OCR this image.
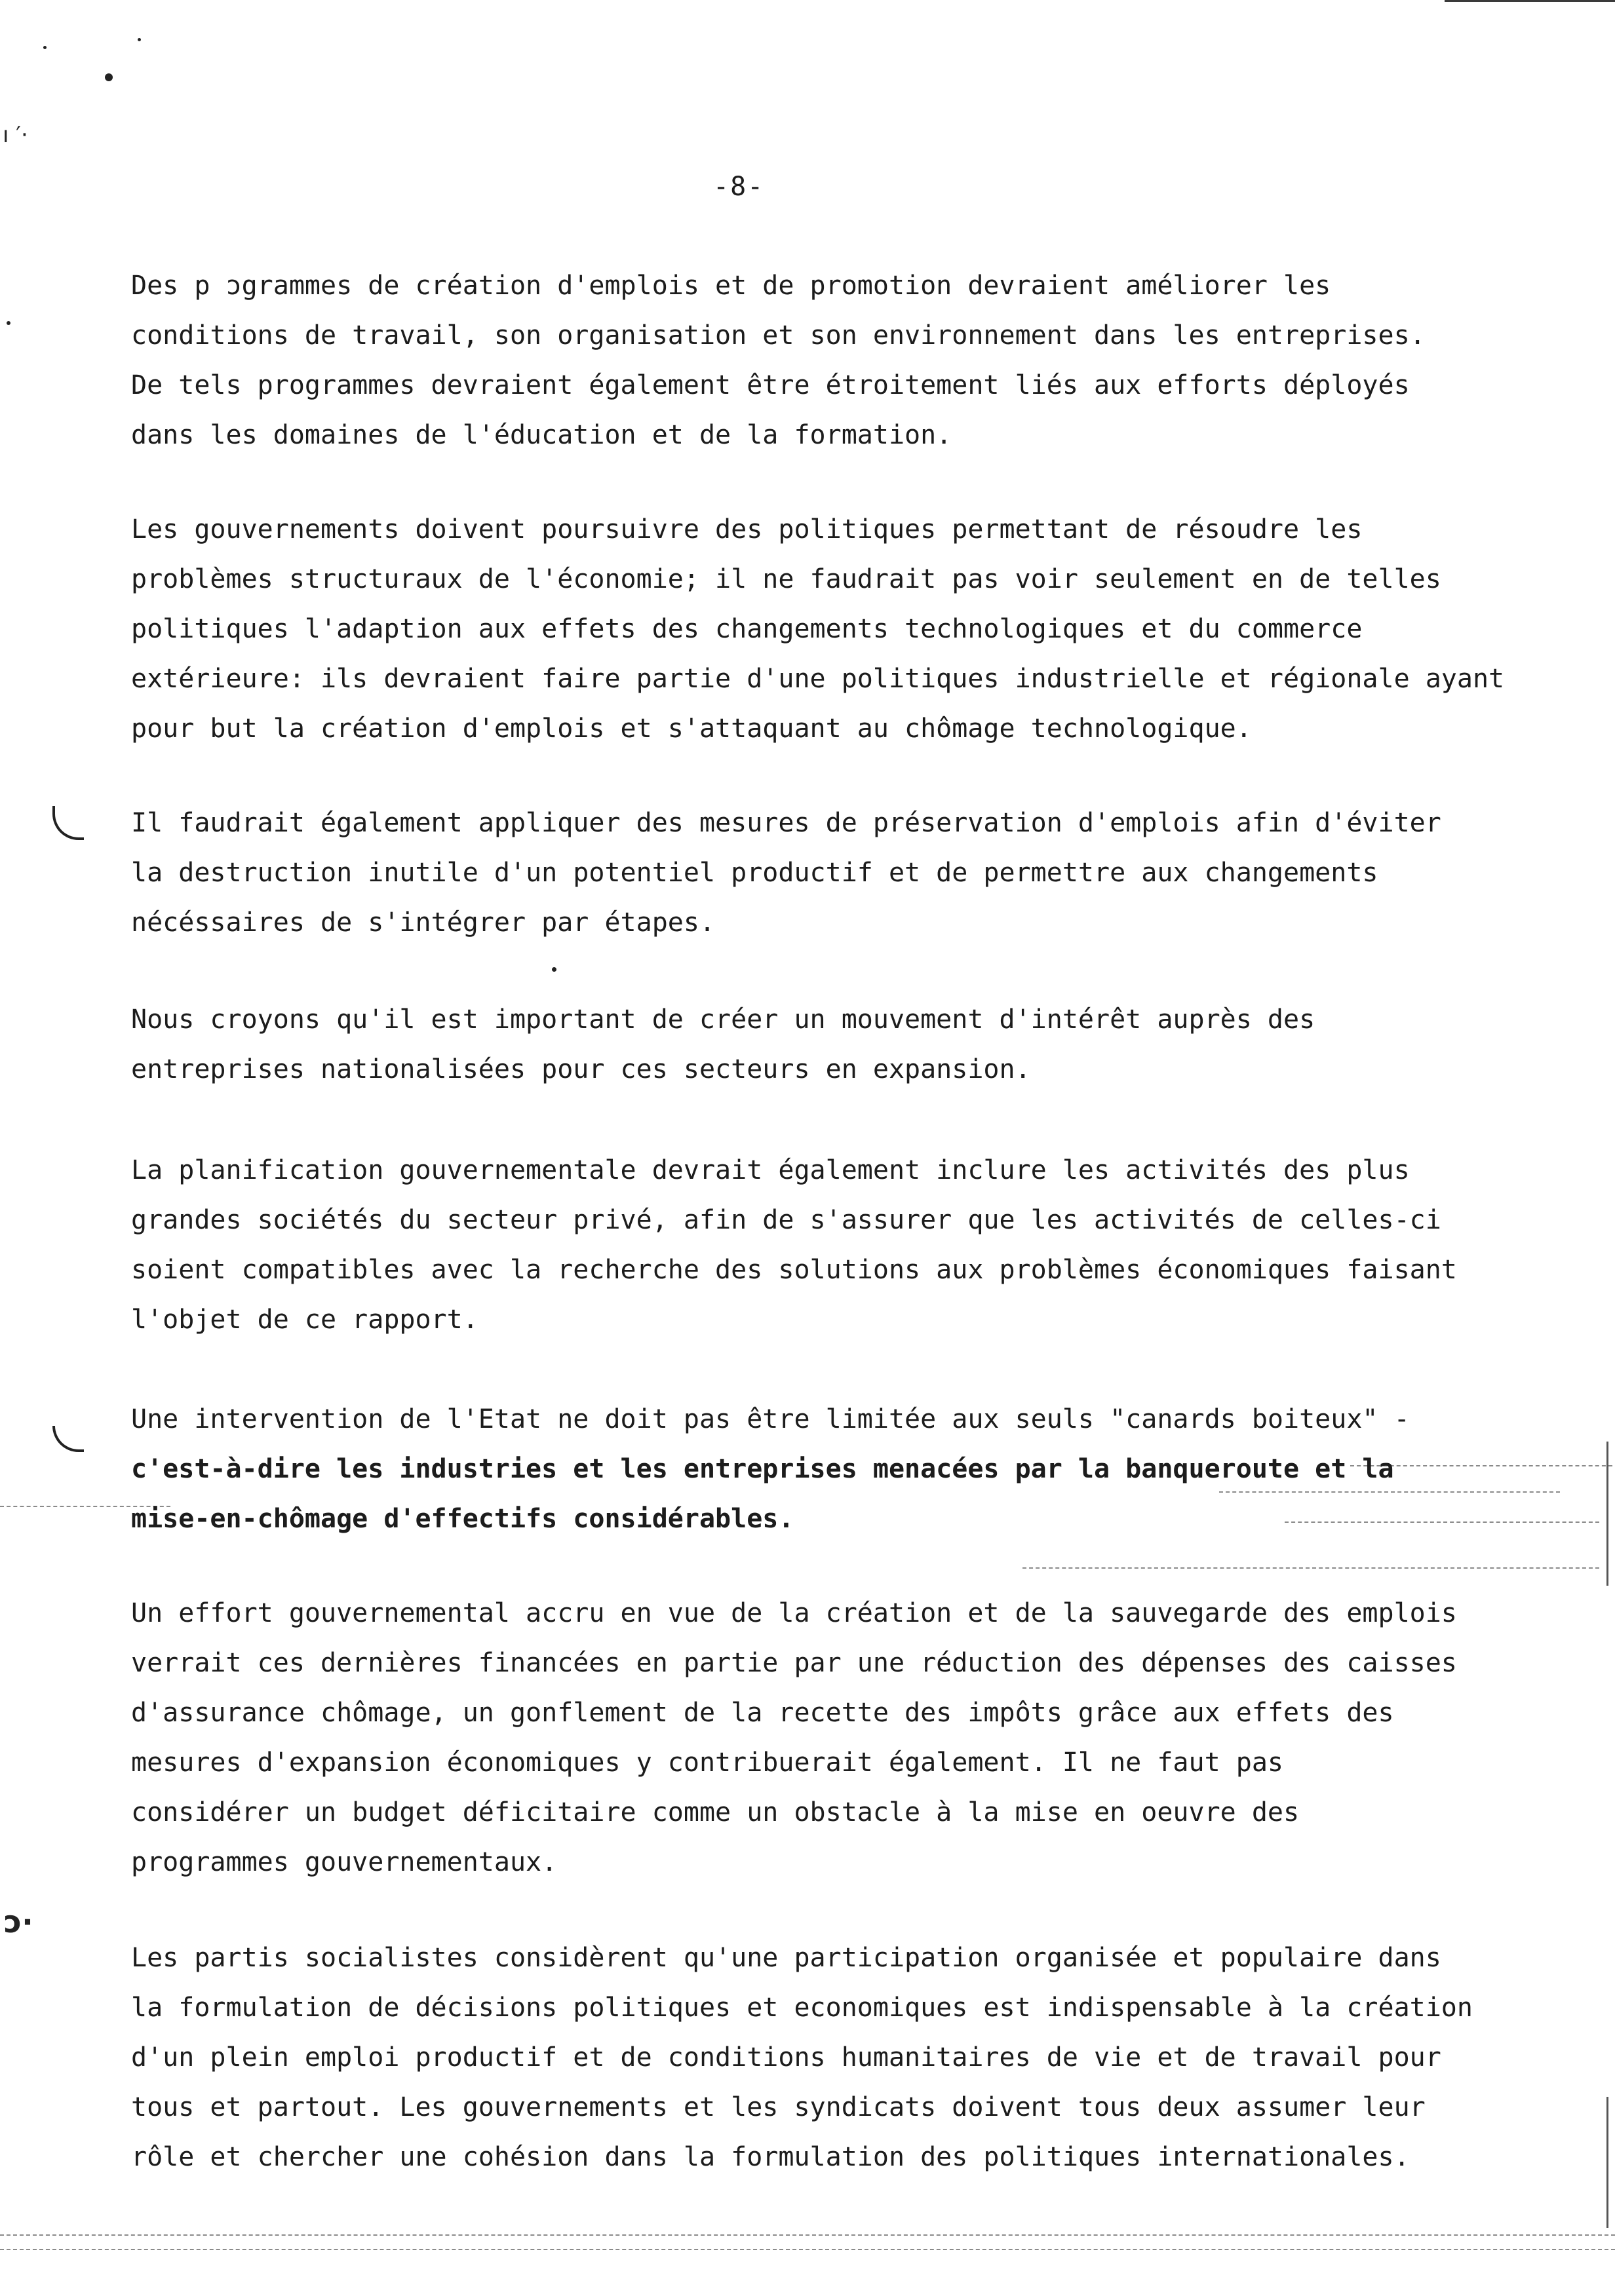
ı ′·
ɔ·
-8-
Des p ɔgrammes de création d'emplois et de promotion devraient améliorer les
conditions de travail, son organisation et son environnement dans les entreprises.
De tels programmes devraient également être étroitement liés aux efforts déployés
dans les domaines de l'éducation et de la formation.
Les gouvernements doivent poursuivre des politiques permettant de résoudre les
problèmes structuraux de l'économie; il ne faudrait pas voir seulement en de telles
politiques l'adaption aux effets des changements technologiques et du commerce
extérieure: ils devraient faire partie d'une politiques industrielle et régionale ayant
pour but la création d'emplois et s'attaquant au chômage technologique.
Il faudrait également appliquer des mesures de préservation d'emplois afin d'éviter
la destruction inutile d'un potentiel productif et de permettre aux changements
nécéssaires de s'intégrer par étapes.
Nous croyons qu'il est important de créer un mouvement d'intérêt auprès des
entreprises nationalisées pour ces secteurs en expansion.
La planification gouvernementale devrait également inclure les activités des plus
grandes sociétés du secteur privé, afin de s'assurer que les activités de celles-ci
soient compatibles avec la recherche des solutions aux problèmes économiques faisant
l'objet de ce rapport.
Une intervention de l'Etat ne doit pas être limitée aux seuls "canards boiteux" -
c'est-à-dire les industries et les entreprises menacées par la banqueroute et la
mise-en-chômage d'effectifs considérables.
Un effort gouvernemental accru en vue de la création et de la sauvegarde des emplois
verrait ces dernières financées en partie par une réduction des dépenses des caisses
d'assurance chômage, un gonflement de la recette des impôts grâce aux effets des
mesures d'expansion économiques y contribuerait également. Il ne faut pas
considérer un budget déficitaire comme un obstacle à la mise en oeuvre des
programmes gouvernementaux.
Les partis socialistes considèrent qu'une participation organisée et populaire dans
la formulation de décisions politiques et economiques est indispensable à la création
d'un plein emploi productif et de conditions humanitaires de vie et de travail pour
tous et partout. Les gouvernements et les syndicats doivent tous deux assumer leur
rôle et chercher une cohésion dans la formulation des politiques internationales.
